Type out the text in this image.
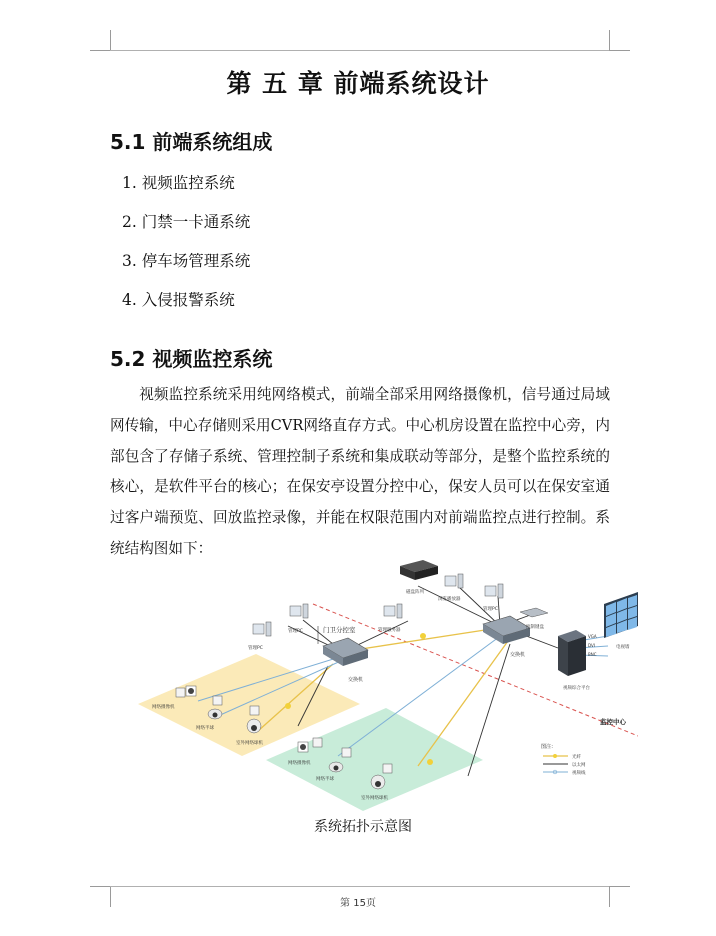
第 五 章 前端系统设计
5.1 前端系统组成
1. 视频监控系统
2. 门禁一卡通系统
3. 停车场管理系统
4. 入侵报警系统
5.2 视频监控系统
视频监控系统采用纯网络模式，前端全部采用网络摄像机，信号通过局域网传输，中心存储则采用CVR网络直存方式。中心机房设置在监控中心旁，内部包含了存储子系统、管理控制子系统和集成联动等部分，是整个监控系统的核心，是软件平台的核心；在保安亭设置分控中心，保安人员可以在保安室通过客户端预览、回放监控录像，并能在权限范围内对前端监控点进行控制。系统结构图如下：
交换机
交换机
门卫分控室
管理PC
管理PC	管理服务器
磁盘阵列
浏览播放器
管理PC
控制键盘
视频综合平台
VGA
DVI
BNC
电视墙
监控中心
网络摄像机
网络半球
室外网络球机
网络摄像机
网络半球
室外网络球机
图注：
光纤
以太网
视频线
系统拓扑示意图
第 15页
